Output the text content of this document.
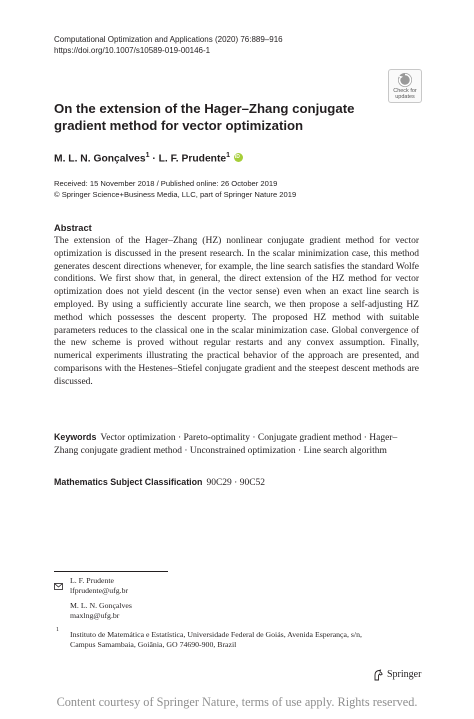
Computational Optimization and Applications (2020) 76:889–916
https://doi.org/10.1007/s10589-019-00146-1
Check for
updates
On the extension of the Hager–Zhang conjugate gradient method for vector optimization
M. L. N. Gonçalves$^1$ · L. F. Prudente$^1$ iD
Received: 15 November 2018 / Published online: 26 October 2019
© Springer Science+Business Media, LLC, part of Springer Nature 2019
Abstract
The extension of the Hager–Zhang (HZ) nonlinear conjugate gradient method for vector optimization is discussed in the present research. In the scalar minimization case, this method generates descent directions whenever, for example, the line search satisfies the standard Wolfe conditions. We first show that, in general, the direct extension of the HZ method for vector optimization does not yield descent (in the vector sense) even when an exact line search is employed. By using a sufficiently accurate line search, we then propose a self-adjusting HZ method which possesses the descent property. The proposed HZ method with suitable parameters reduces to the classical one in the scalar minimization case. Global convergence of the new scheme is proved without regular restarts and any convex assumption. Finally, numerical experiments illustrating the practical behavior of the approach are presented, and comparisons with the Hestenes–Stiefel conjugate gradient and the steepest descent methods are discussed.
Keywords Vector optimization · Pareto-optimality · Conjugate gradient method · Hager–Zhang conjugate gradient method · Unconstrained optimization · Line search algorithm
Mathematics Subject Classification 90C29 · 90C52
L. F. Prudente
lfprudente@ufg.br
M. L. N. Gonçalves
maxlng@ufg.br
1 Instituto de Matemática e Estatística, Universidade Federal de Goiás, Avenida Esperança, s/n,
Campus Samambaia, Goiânia, GO 74690-900, Brazil
Springer
Content courtesy of Springer Nature, terms of use apply. Rights reserved.
